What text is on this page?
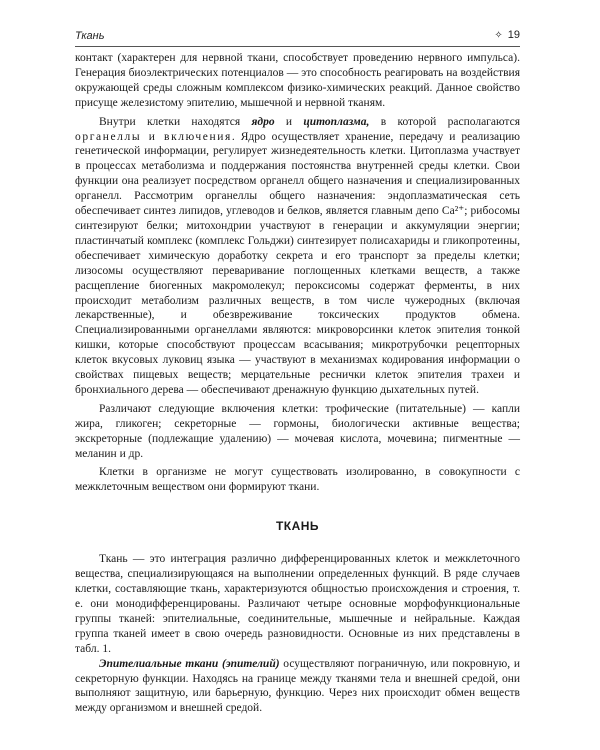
Ткань	✧ 19

контакт (характерен для нервной ткани, способствует проведению нервного импульса). Генерация биоэлектрических потенциалов — это способность реагировать на воздействия окружающей среды сложным комплексом физико-химических реакций. Данное свойство присуще железистому эпителию, мышечной и нервной тканям.

Внутри клетки находятся ядро и цитоплазма, в которой располагаются органеллы и включения. Ядро осуществляет хранение, передачу и реализацию генетической информации, регулирует жизнедеятельность клетки. Цитоплазма участвует в процессах метаболизма и поддержания постоянства внутренней среды клетки. Свои функции она реализует посредством органелл общего назначения и специализированных органелл. Рассмотрим органеллы общего назначения: эндоплазматическая сеть обеспечивает синтез липидов, углеводов и белков, является главным депо Ca²⁺; рибосомы синтезируют белки; митохондрии участвуют в генерации и аккумуляции энергии; пластинчатый комплекс (комплекс Гольджи) синтезирует полисахариды и гликопротеины, обеспечивает химическую доработку секрета и его транспорт за пределы клетки; лизосомы осуществляют переваривание поглощенных клетками веществ, а также расщепление биогенных макромолекул; пероксисомы содержат ферменты, в них происходит метаболизм различных веществ, в том числе чужеродных (включая лекарственные), и обезвреживание токсических продуктов обмена. Специализированными органеллами являются: микроворсинки клеток эпителия тонкой кишки, которые способствуют процессам всасывания; микротрубочки рецепторных клеток вкусовых луковиц языка — участвуют в механизмах кодирования информации о свойствах пищевых веществ; мерцательные реснички клеток эпителия трахеи и бронхиального дерева — обеспечивают дренажную функцию дыхательных путей.

Различают следующие включения клетки: трофические (питательные) — капли жира, гликоген; секреторные — гормоны, биологически активные вещества; экскреторные (подлежащие удалению) — мочевая кислота, мочевина; пигментные — меланин и др.

Клетки в организме не могут существовать изолированно, в совокупности с межклеточным веществом они формируют ткани.

ТКАНЬ

Ткань — это интеграция различно дифференцированных клеток и межклеточного вещества, специализирующаяся на выполнении определенных функций. В ряде случаев клетки, составляющие ткань, характеризуются общностью происхождения и строения, т. е. они монодифференцированы. Различают четыре основные морфофункциональные группы тканей: эпителиальные, соединительные, мышечные и нейральные. Каждая группа тканей имеет в свою очередь разновидности. Основные из них представлены в табл. 1.

Эпителиальные ткани (эпителий) осуществляют пограничную, или покровную, и секреторную функции. Находясь на границе между тканями тела и внешней средой, они выполняют защитную, или барьерную, функцию. Через них происходит обмен веществ между организмом и внешней средой.
